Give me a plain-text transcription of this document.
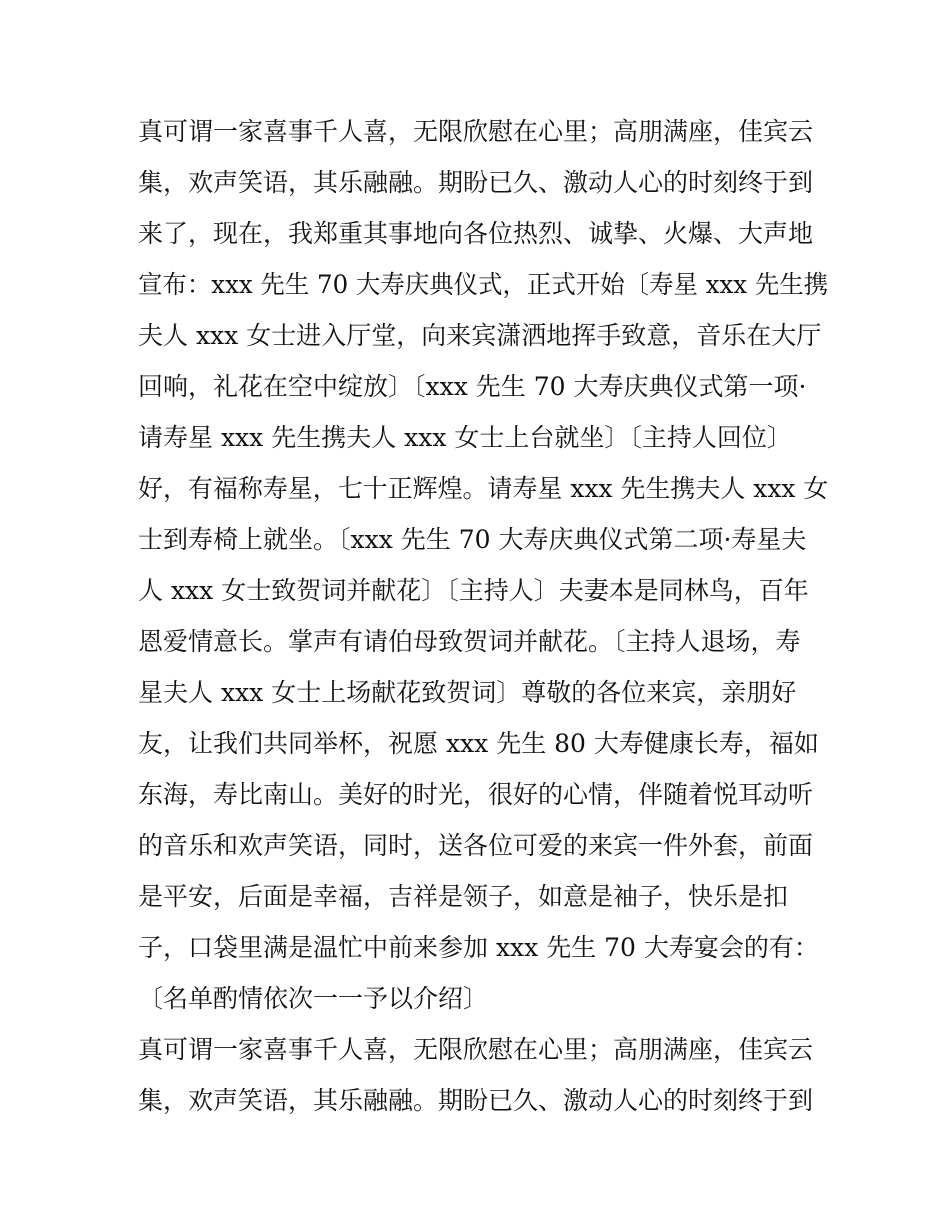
真可谓一家喜事千人喜，无限欣慰在心里；高朋满座，佳宾云
集，欢声笑语，其乐融融。期盼已久、激动人心的时刻终于到
来了，现在，我郑重其事地向各位热烈、诚挚、火爆、大声地
宣布：xxx 先生 70 大寿庆典仪式，正式开始〔寿星 xxx 先生携
夫人 xxx 女士进入厅堂，向来宾潇洒地挥手致意，音乐在大厅
回响，礼花在空中绽放〕〔xxx 先生 70 大寿庆典仪式第一项·
请寿星 xxx 先生携夫人 xxx 女士上台就坐〕〔主持人回位〕
好，有福称寿星，七十正辉煌。请寿星 xxx 先生携夫人 xxx 女
士到寿椅上就坐。〔xxx 先生 70 大寿庆典仪式第二项·寿星夫
人 xxx 女士致贺词并献花〕〔主持人〕夫妻本是同林鸟，百年
恩爱情意长。掌声有请伯母致贺词并献花。〔主持人退场，寿
星夫人 xxx 女士上场献花致贺词〕尊敬的各位来宾，亲朋好
友，让我们共同举杯，祝愿 xxx 先生 80 大寿健康长寿，福如
东海，寿比南山。美好的时光，很好的心情，伴随着悦耳动听
的音乐和欢声笑语，同时，送各位可爱的来宾一件外套，前面
是平安，后面是幸福，吉祥是领子，如意是袖子，快乐是扣
子，口袋里满是温忙中前来参加 xxx 先生 70 大寿宴会的有：
〔名单酌情依次一一予以介绍〕
真可谓一家喜事千人喜，无限欣慰在心里；高朋满座，佳宾云
集，欢声笑语，其乐融融。期盼已久、激动人心的时刻终于到
